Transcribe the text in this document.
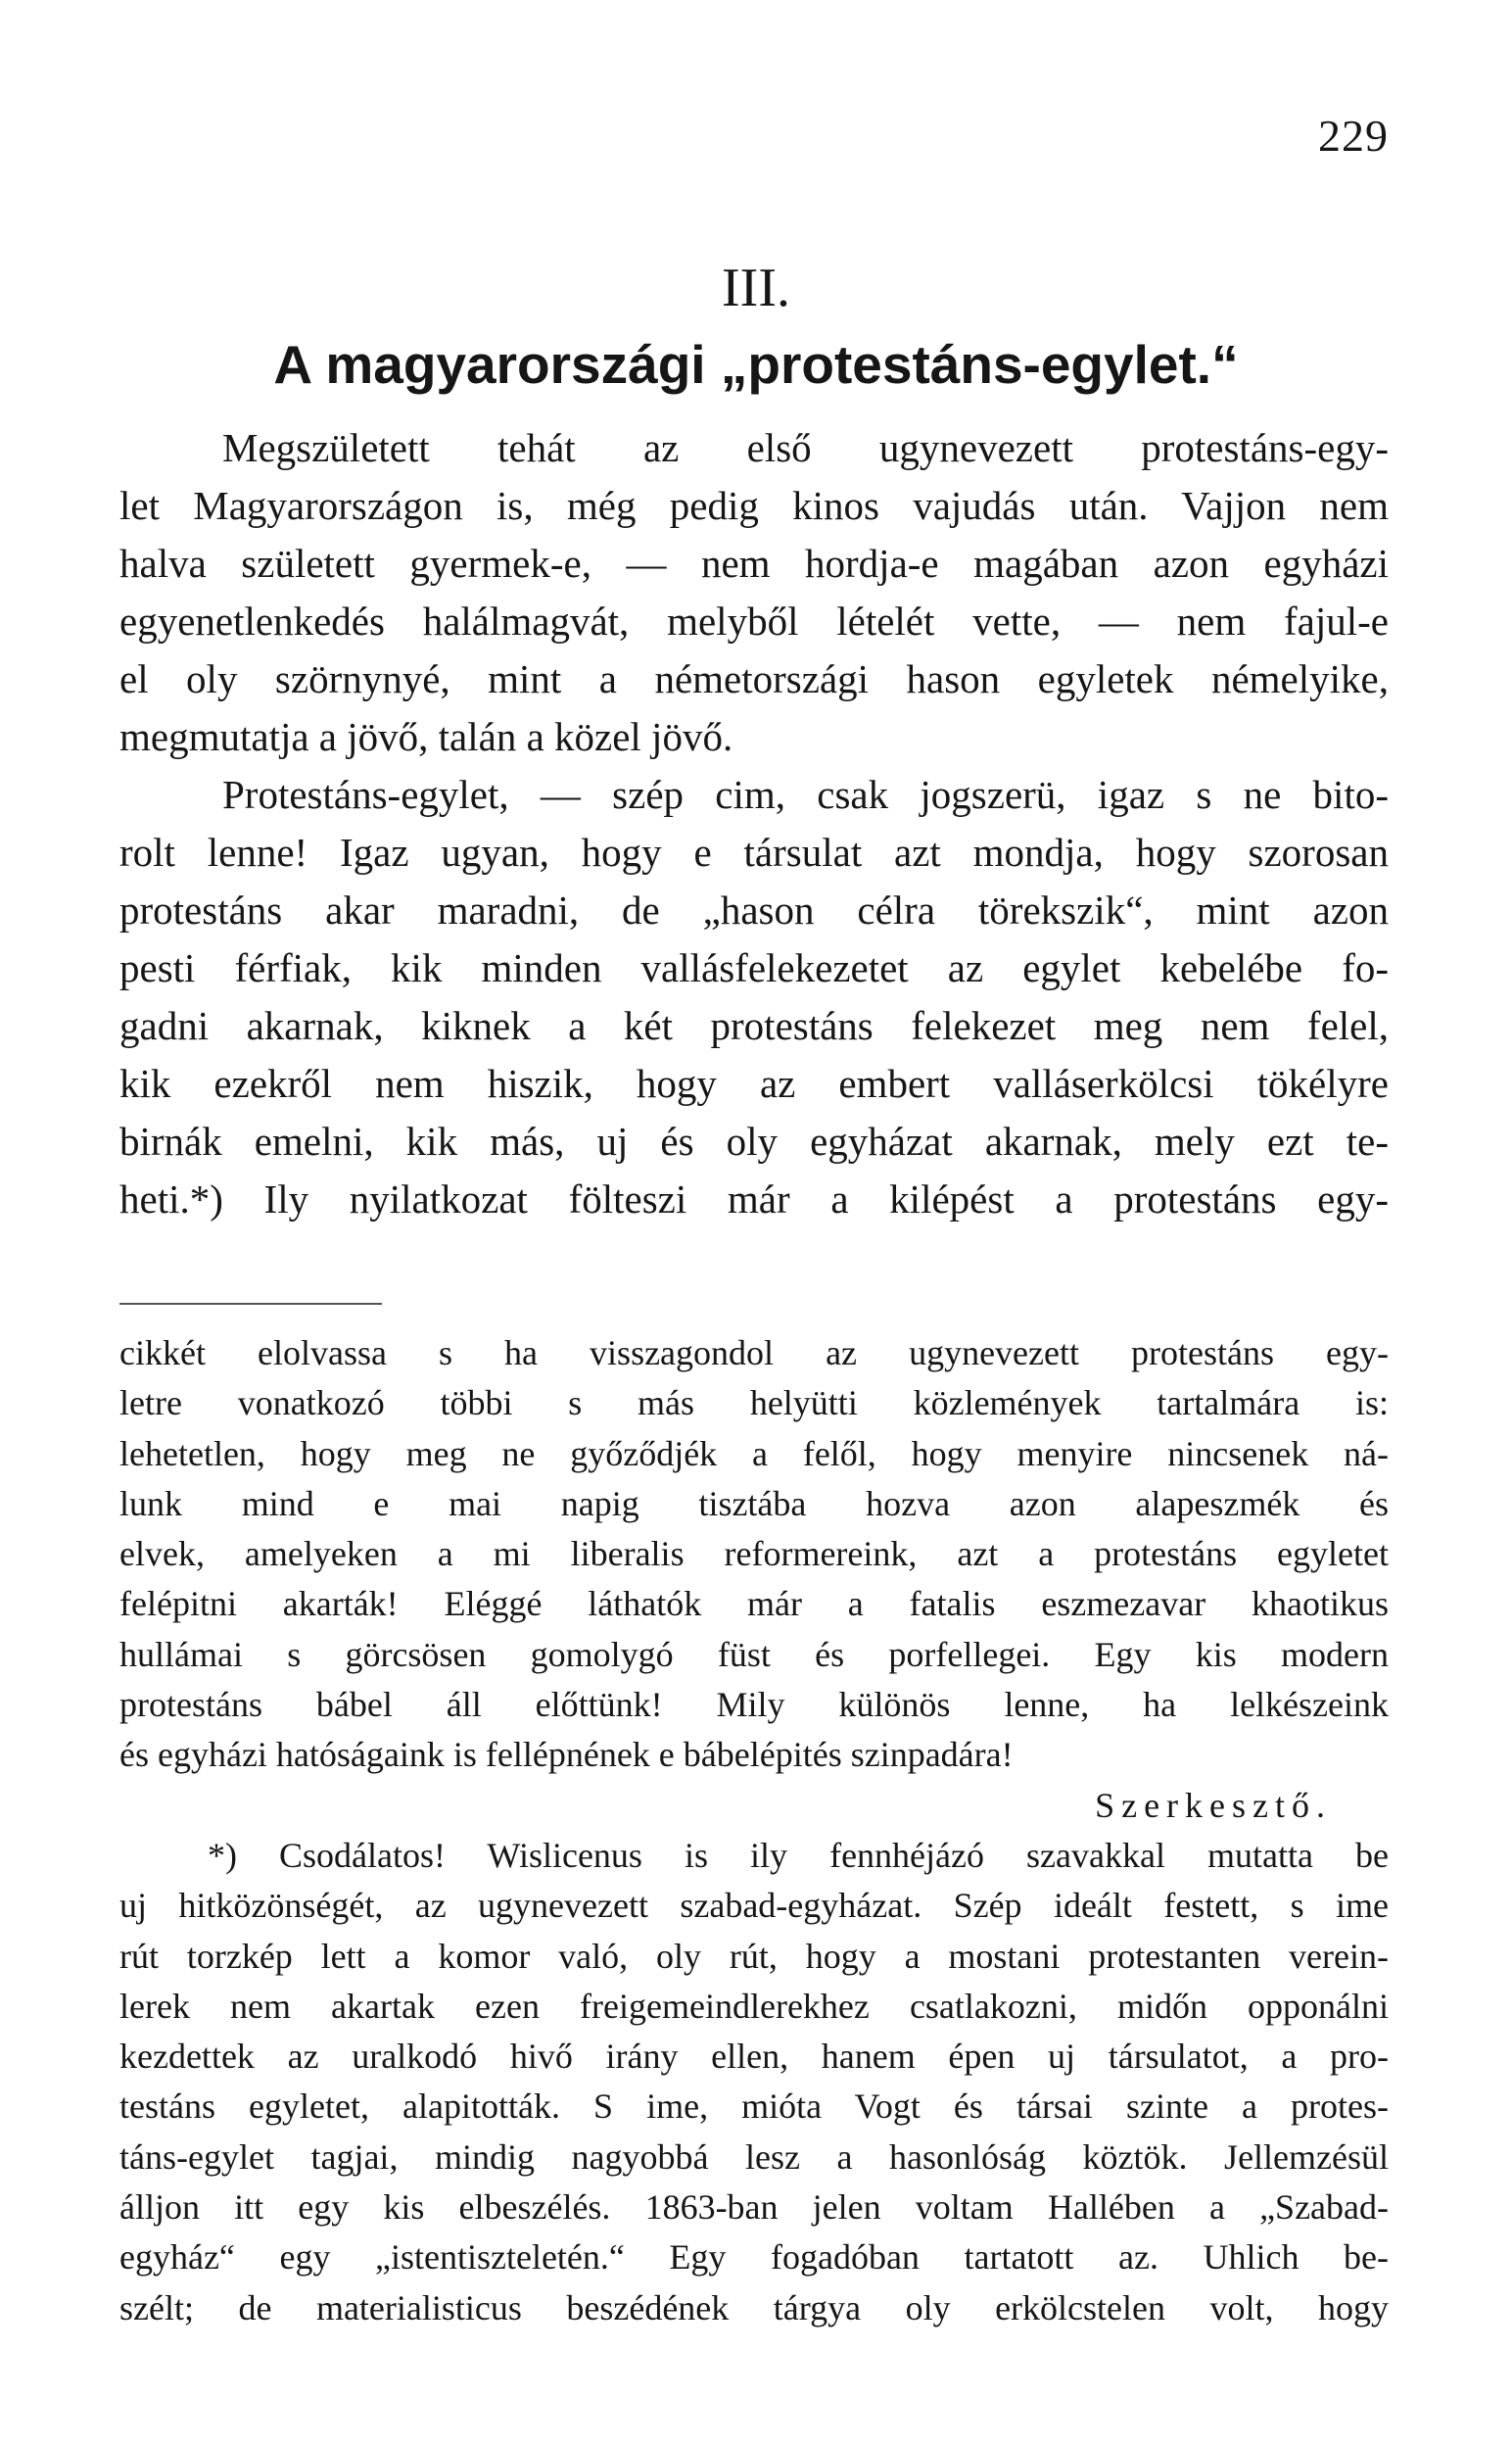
229
III.
A magyarországi „protestáns-egylet.“
Megszületett tehát az első ugynevezett protestáns-egy-
let Magyarországon is, még pedig kinos vajudás után. Vajjon nem
halva született gyermek-e, — nem hordja-e magában azon egyházi
egyenetlenkedés halálmagvát, melyből lételét vette, — nem fajul-e
el oly szörnynyé, mint a németországi hason egyletek némelyike,
megmutatja a jövő, talán a közel jövő.
Protestáns-egylet, — szép cim, csak jogszerü, igaz s ne bito-
rolt lenne! Igaz ugyan, hogy e társulat azt mondja, hogy szorosan
protestáns akar maradni, de „hason célra törekszik“, mint azon
pesti férfiak, kik minden vallásfelekezetet az egylet kebelébe fo-
gadni akarnak, kiknek a két protestáns felekezet meg nem felel,
kik ezekről nem hiszik, hogy az embert valláserkölcsi tökélyre
birnák emelni, kik más, uj és oly egyházat akarnak, mely ezt te-
heti.*) Ily nyilatkozat fölteszi már a kilépést a protestáns egy-
cikkét elolvassa s ha visszagondol az ugynevezett protestáns egy-
letre vonatkozó többi s más helyütti közlemények tartalmára is:
lehetetlen, hogy meg ne győződjék a felől, hogy menyire nincsenek ná-
lunk mind e mai napig tisztába hozva azon alapeszmék és
elvek, amelyeken a mi liberalis reformereink, azt a protestáns egyletet
felépitni akarták! Eléggé láthatók már a fatalis eszmezavar khaotikus
hullámai s görcsösen gomolygó füst és porfellegei. Egy kis modern
protestáns bábel áll előttünk! Mily különös lenne, ha lelkészeink
és egyházi hatóságaink is fellépnének e bábelépités szinpadára!
Szerkesztő.
*) Csodálatos! Wislicenus is ily fennhéjázó szavakkal mutatta be
uj hitközönségét, az ugynevezett szabad-egyházat. Szép ideált festett, s ime
rút torzkép lett a komor való, oly rút, hogy a mostani protestanten verein-
lerek nem akartak ezen freigemeindlerekhez csatlakozni, midőn opponálni
kezdettek az uralkodó hivő irány ellen, hanem épen uj társulatot, a pro-
testáns egyletet, alapitották. S ime, mióta Vogt és társai szinte a protes-
táns-egylet tagjai, mindig nagyobbá lesz a hasonlóság köztök. Jellemzésül
álljon itt egy kis elbeszélés. 1863-ban jelen voltam Hallében a „Szabad-
egyház“ egy „istentiszteletén.“ Egy fogadóban tartatott az. Uhlich be-
szélt; de materialisticus beszédének tárgya oly erkölcstelen volt, hogy
